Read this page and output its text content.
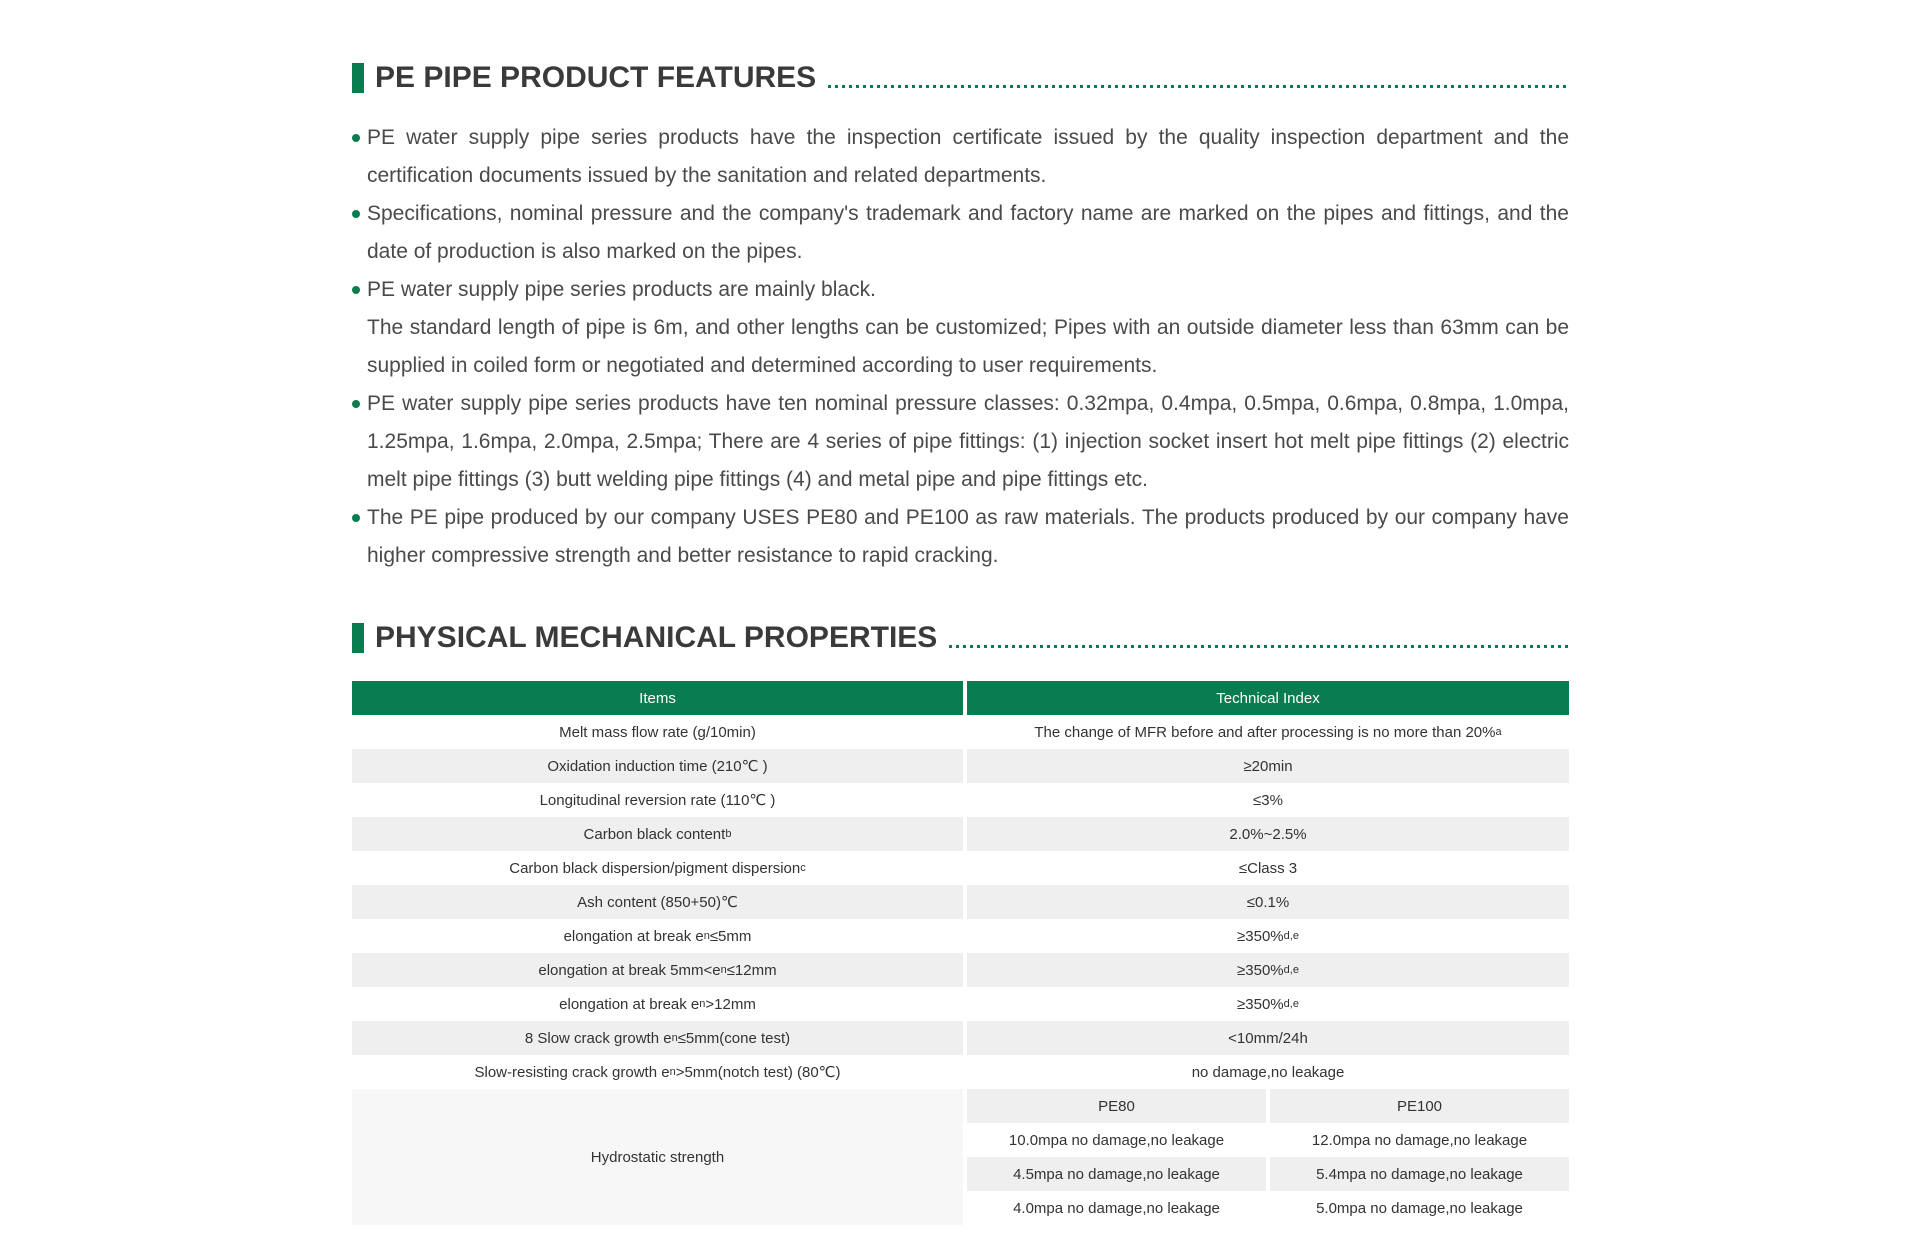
PE PIPE PRODUCT FEATURES
PE water supply pipe series products have the inspection certificate issued by the quality inspection department and the certification documents issued by the sanitation and related departments.
Specifications, nominal pressure and the company's trademark and factory name are marked on the pipes and fittings, and the date of production is also marked on the pipes.
PE water supply pipe series products are mainly black.
The standard length of pipe is 6m, and other lengths can be customized; Pipes with an outside diameter less than 63mm can be supplied in coiled form or negotiated and determined according to user requirements.
PE water supply pipe series products have ten nominal pressure classes: 0.32mpa, 0.4mpa, 0.5mpa, 0.6mpa, 0.8mpa, 1.0mpa, 1.25mpa, 1.6mpa, 2.0mpa, 2.5mpa; There are 4 series of pipe fittings: (1) injection socket insert hot melt pipe fittings (2) electric melt pipe fittings (3) butt welding pipe fittings (4) and metal pipe and pipe fittings etc.
The PE pipe produced by our company USES PE80 and PE100 as raw materials. The products produced by our company have higher compressive strength and better resistance to rapid cracking.
PHYSICAL MECHANICAL PROPERTIES
Items	Technical Index
Melt mass flow rate (g/10min)	The change of MFR before and after processing is no more than 20% a
Oxidation induction time (210℃ )	≥20min
Longitudinal reversion rate (110℃ )	≤3%
Carbon black content b	2.0%~2.5%
Carbon black dispersion/pigment dispersion c	≤Class 3
Ash content (850+50)℃	≤0.1%
elongation at break e n ≤5mm	≥350% d,e
elongation at break 5mm<e n ≤12mm	≥350% d,e
elongation at break e n >12mm	≥350% d,e
8 Slow crack growth e n ≤5mm(cone test)	<10mm/24h
Slow-resisting crack growth e n >5mm(notch test) (80℃)	no damage,no leakage
Hydrostatic strength
PE80	PE100
10.0mpa no damage,no leakage	12.0mpa no damage,no leakage
4.5mpa no damage,no leakage	5.4mpa no damage,no leakage
4.0mpa no damage,no leakage	5.0mpa no damage,no leakage
